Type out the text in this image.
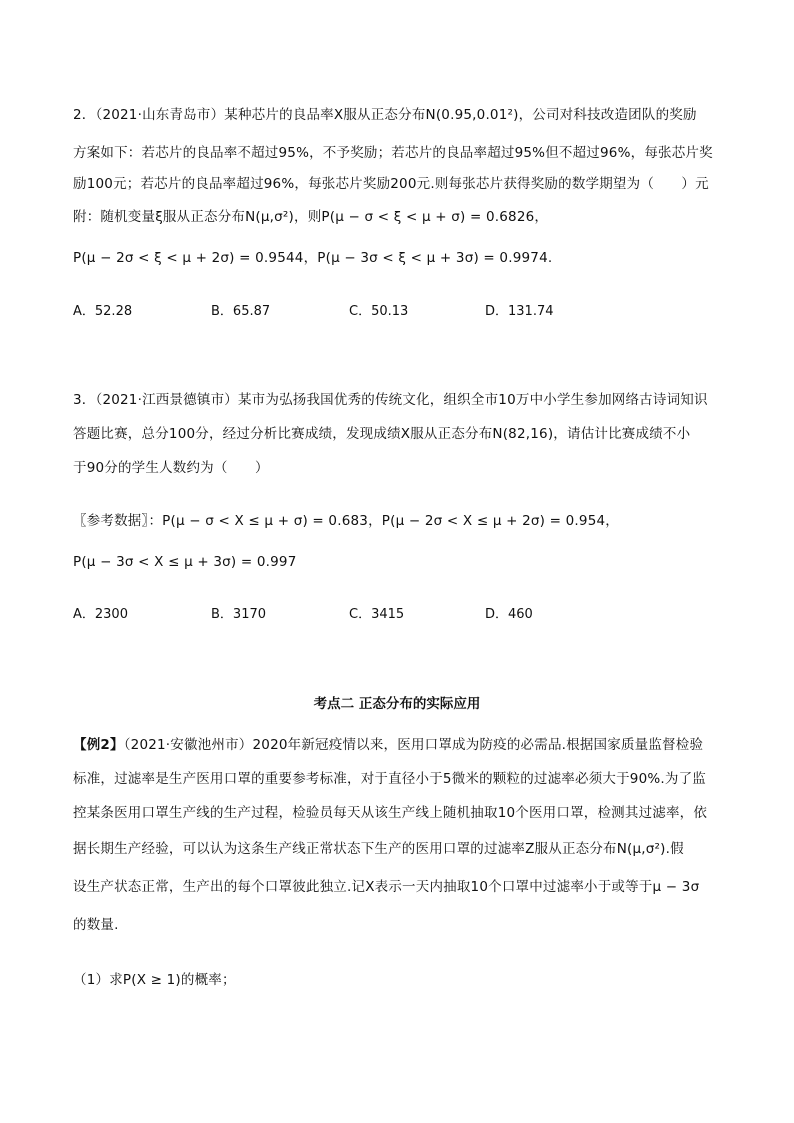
2．（2021·山东青岛市）某种芯片的良品率X服从正态分布N(0.95,0.01²)，公司对科技改造团队的奖励
方案如下：若芯片的良品率不超过95%，不予奖励；若芯片的良品率超过95%但不超过96%，每张芯片奖
励100元；若芯片的良品率超过96%，每张芯片奖励200元.则每张芯片获得奖励的数学期望为（　　）元
附：随机变量ξ服从正态分布N(μ,σ²)，则P(μ − σ < ξ < μ + σ) = 0.6826，
P(μ − 2σ < ξ < μ + 2σ) = 0.9544，P(μ − 3σ < ξ < μ + 3σ) = 0.9974.
A．52.28	B．65.87	C．50.13	D．131.74
3．（2021·江西景德镇市）某市为弘扬我国优秀的传统文化，组织全市10万中小学生参加网络古诗词知识
答题比赛，总分100分，经过分析比赛成绩，发现成绩X服从正态分布N(82,16)，请估计比赛成绩不小
于90分的学生人数约为（　　）
〖参考数据〗：P(μ − σ < X ≤ μ + σ) = 0.683，P(μ − 2σ < X ≤ μ + 2σ) = 0.954，
P(μ − 3σ < X ≤ μ + 3σ) = 0.997
A．2300	B．3170	C．3415	D．460
考点二 正态分布的实际应用
【例2】（2021·安徽池州市）2020年新冠疫情以来，医用口罩成为防疫的必需品.根据国家质量监督检验
标准，过滤率是生产医用口罩的重要参考标准，对于直径小于5微米的颗粒的过滤率必须大于90%.为了监
控某条医用口罩生产线的生产过程，检验员每天从该生产线上随机抽取10个医用口罩，检测其过滤率，依
据长期生产经验，可以认为这条生产线正常状态下生产的医用口罩的过滤率Z服从正态分布N(μ,σ²).假
设生产状态正常，生产出的每个口罩彼此独立.记X表示一天内抽取10个口罩中过滤率小于或等于μ − 3σ
的数量.
（1）求P(X ≥ 1)的概率；
